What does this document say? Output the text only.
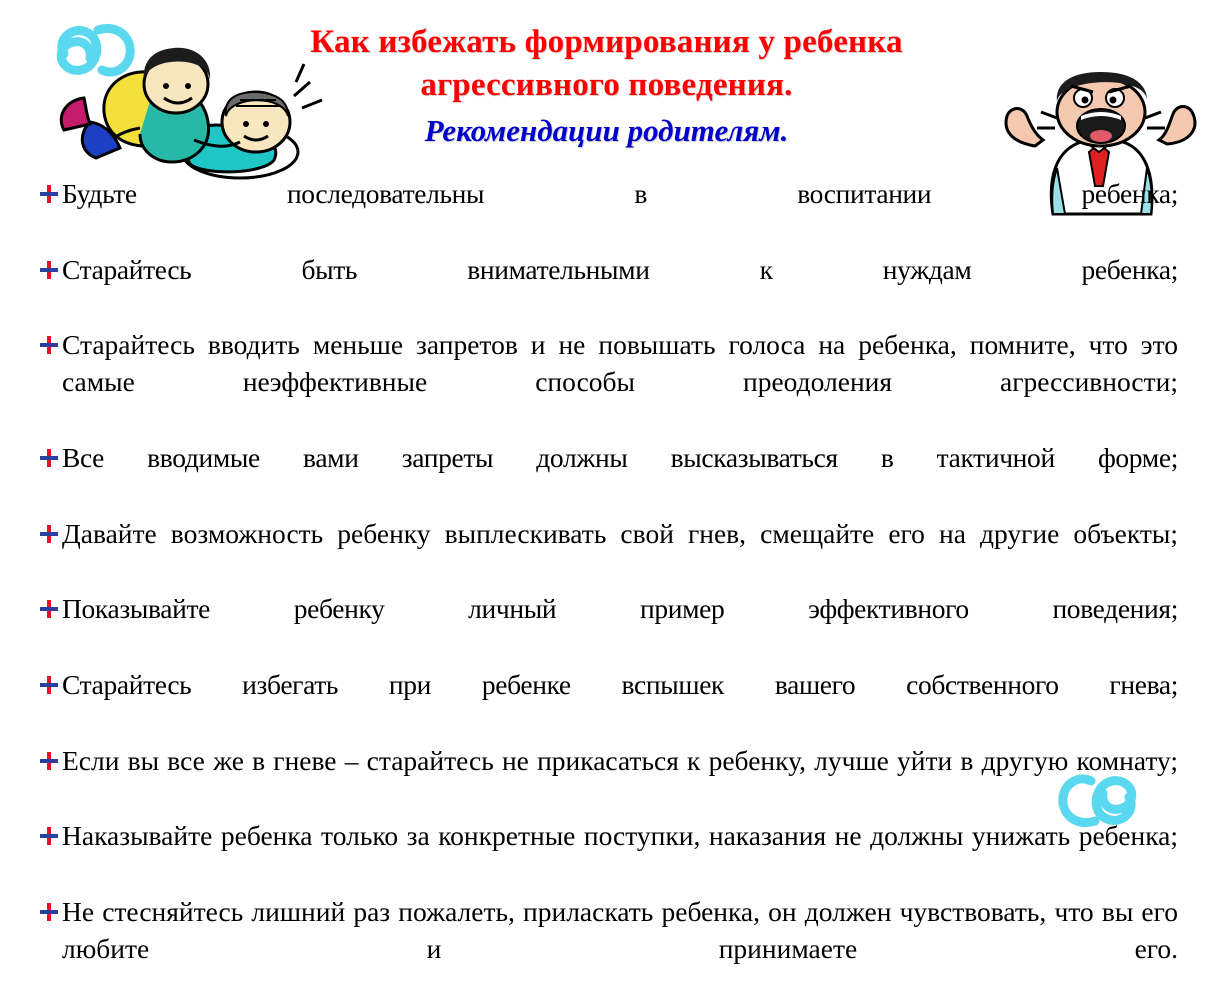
Как избежать формирования у ребенка
агрессивного поведения.
Рекомендации родителям.
Будьте последовательны в воспитании ребенка;
Старайтесь быть внимательными к нуждам ребенка;
Старайтесь вводить меньше запретов и не повышать голоса на ребенка, помните, что это самые неэффективные способы преодоления агрессивности;
Все вводимые вами запреты должны высказываться в тактичной форме;
Давайте возможность ребенку выплескивать свой гнев, смещайте его на другие объекты;
Показывайте ребенку личный пример эффективного поведения;
Старайтесь избегать при ребенке вспышек вашего собственного гнева;
Если вы все же в гневе – старайтесь не прикасаться к ребенку, лучше уйти в другую комнату;
Наказывайте ребенка только за конкретные поступки, наказания не должны унижать ребенка;
Не стесняйтесь лишний раз пожалеть, приласкать ребенка, он должен чувствовать, что вы его любите и принимаете его.
